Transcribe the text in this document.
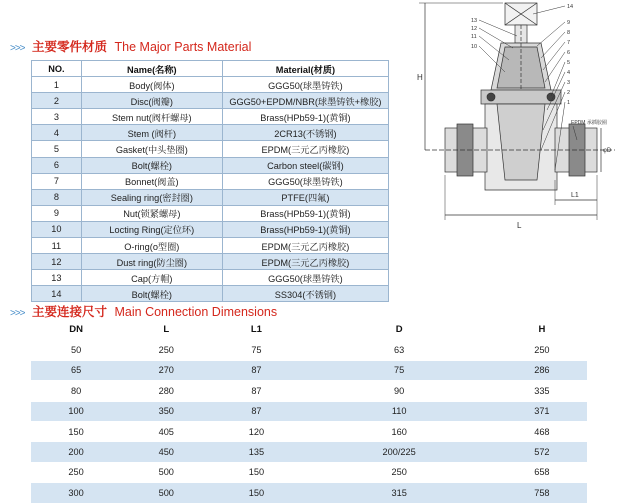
>>> 主要零件材质 The Major Parts Material
NO.	Name(名称)	Material(材质)
1	Body(阀体)	GGG50(球墨铸铁)
2	Disc(阀瓣)	GGG50+EPDM/NBR(球墨铸铁+橡胶)
3	Stem nut(阀杆螺母)	Brass(HPb59-1)(黄铜)
4	Stem (阀杆)	2CR13(不锈钢)
5	Gasket(中头垫圈)	EPDM(三元乙丙橡胶)
6	Bolt(螺栓)	Carbon steel(碳钢)
7	Bonnet(阀盖)	GGG50(球墨铸铁)
8	Sealing ring(密封圈)	PTFE(四氟)
9	Nut(锁紧螺母)	Brass(HPb59-1)(黄铜)
10	Locting Ring(定位环)	Brass(HPb59-1)(黄铜)
11	O-ring(o型圈)	EPDM(三元乙丙橡胶)
12	Dust ring(防尘圈)	EPDM(三元乙丙橡胶)
13	Cap(方帽)	GGG50(球墨铸铁)
14	Bolt(螺栓)	SS304(不锈钢)
>>> 主要连接尺寸 Main Connection Dimensions
DN	L	L1	D	H
50	250	75	63	250
65	270	87	75	286
80	280	87	90	335
100	350	87	110	371
150	405	120	160	468
200	450	135	200/225	572
250	500	150	250	658
300	500	150	315	758
13
12
11
10
14
9
8
7
6
5
4
3
2
1
EPDM 承插胶圈
H
L
L1
φD
